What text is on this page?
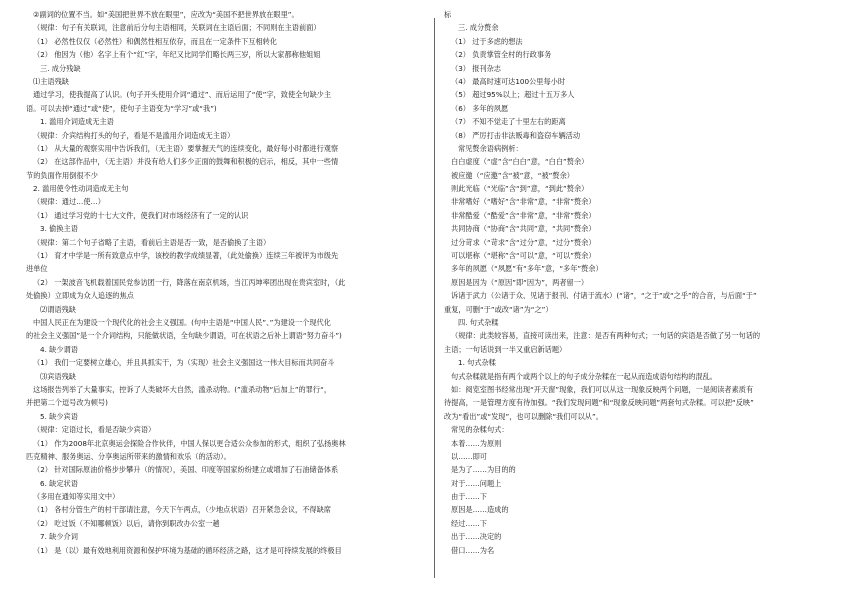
②副词的位置不当。如“美国把世界不放在眼里”，应改为“美国不把世界放在眼里”。
（规律：句子有关联词，注意前后分句主语相同，关联词在主语后面；不同则在主语前面）
（1） 必然性仅仅（必然性）和偶然性相互依存，而且在一定条件下互相转化
（2） 他因为（他）名字上有个“红”字，年纪又比同学们略长两三岁，所以大家都称他姐姐
三. 成分残缺
⑴主语残缺
通过学习，使我提高了认识。(句子开头使用介词“通过”、而后运用了“使”字，致使全句缺少主
语。可以去掉“通过”或“使”，使句子主语变为“学习”或“我”)
1. 滥用介词造成无主语
（规律：介宾结构打头的句子，看是不是滥用介词造成无主语）
（1） 从大量的观察实用中告诉我们，（无主语）要掌握天气的连续变化，最好每小时都进行观察
（2） 在这部作品中，（无主语）并没有给人们多少正面的鼓舞和积极的启示，相反，其中一些情
节的负面作用倒很不少
2. 滥用使令性动词造成无主句
（规律：通过…使…）
（1） 通过学习党的十七大文件，使我们对市场经济有了一定的认识
3. 偷换主语
（规律：第二个句子省略了主语，看前后主语是否一致，是否偷换了主语）
（1） 育才中学是一所有致意点中学，该校的教学成绩显著，（此处偷换）连续三年被评为市级先
进单位
（2） 一架波音飞机载着国民党参访团一行，降落在南京机场，当江丙坤率团出现在贵宾室时，（此
处偷换）立即成为众人追逐的焦点
⑵谓语残缺
中国人民正在为建设一个现代化的社会主义强国。(句中主语是“中国人民”、”为建设一个现代化
的社会主义强国”是一个介词结构，只能做状语，全句缺少谓语，可在状语之后补上谓语“努力奋斗”)
4. 缺少谓语
（1） 我们一定要树立雄心，并且具抓实干，为（实现）社会主义强国这一伟大目标而共同奋斗
⑶宾语残缺
这场报告列举了大量事实，控诉了人类破坏大自然，滥杀动物。(”滥杀动物“后加上”的罪行“，
并把第二个逗号改为顿号)
5. 缺少宾语
（规律：定语过长，看是否缺少宾语）
（1） 作为2008年北京奥运会探险合作伙伴，中国人保以更合适公众参加的形式，组织了弘扬奥林
匹克精神、服务奥运、分享奥运所带来的激情和欢乐（的活动）。
（2） 针对国际原油价格步步攀升（的情况），美国、印度等国家纷纷建立或增加了石油储备体系
6. 缺定状语
（多用在通知等实用文中）
（1） 各村分管生产的村干部请注意，今天下午两点，（少地点状语）召开紧急会议，不得缺席
（2） 吃过饭（不知哪顿饭）以后，请你到职改办公室一趟
7. 缺少介词
（1） 是（以）最有效地利用资源和保护环境为基础的循环经济之路，这才是可持续发展的终极目
标
三. 成分赘余
（1） 过于多虑的想法
（2） 负责掌管全村的行政事务
（3） 报刊杂志
（4） 最高时速可达100公里每小时
（5） 超过95%以上；超过十五万多人
（6） 多年的夙愿
（7） 不知不觉走了十里左右的距离
（8） 严厉打击非法贩毒和盗窃车辆活动
常见赘余语病例析：
白白虚度（“虚”含“白白”意，“白白”赘余）
被应邀（“应邀”含“被”意，“被”赘余）
则此光临（“光临”含“到”意，“到此”赘余）
非常嗜好（“嗜好”含“非常”意，“非常”赘余）
非常酷爱（“酷爱”含“非常”意，“非常”赘余）
共同协商（“协商”含“共同”意，“共同”赘余）
过分苛求（“苛求”含“过分”意，“过分”赘余）
可以堪称（“堪称”含“可以”意，“可以”赘余）
多年的夙愿（“夙愿”有“多年”意，“多年”赘余）
原因是因为（“原因”即“因为”，两者留一）
诉诸于武力（公诸于众、见诸于报刊、付诸于流水）(“诸”，“之于”或“之乎”的合音，与后面“于”
重复，可删“于”或改“诸”为“之”）
四. 句式杂糅
（规律：此类较容易，直接可读出来，注意：是否有两种句式；一句话的宾语是否做了另一句话的
主语；一句话说到一半又重启新话题）
1. 句式杂糅
句式杂糅就是指有两个或两个以上的句子成分杂糅在一起从而造成语句结构的混乱。
如：阅览室图书经常出现“开天窗”现象，我们可以从这一现象反映两个问题，一是阅读者素质有
待提高，一是管理方度有待加强。“我们发现问题”和“现象反映问题”两套句式杂糅。可以把“反映”
改为“看出”或“发现”，也可以删除“我们可以从”。
常见的杂糅句式：
本着……为原则
以……即可
是为了……为目的的
对于……问题上
由于……下
原因是……造成的
经过……下
出于……决定的
借口……为名
